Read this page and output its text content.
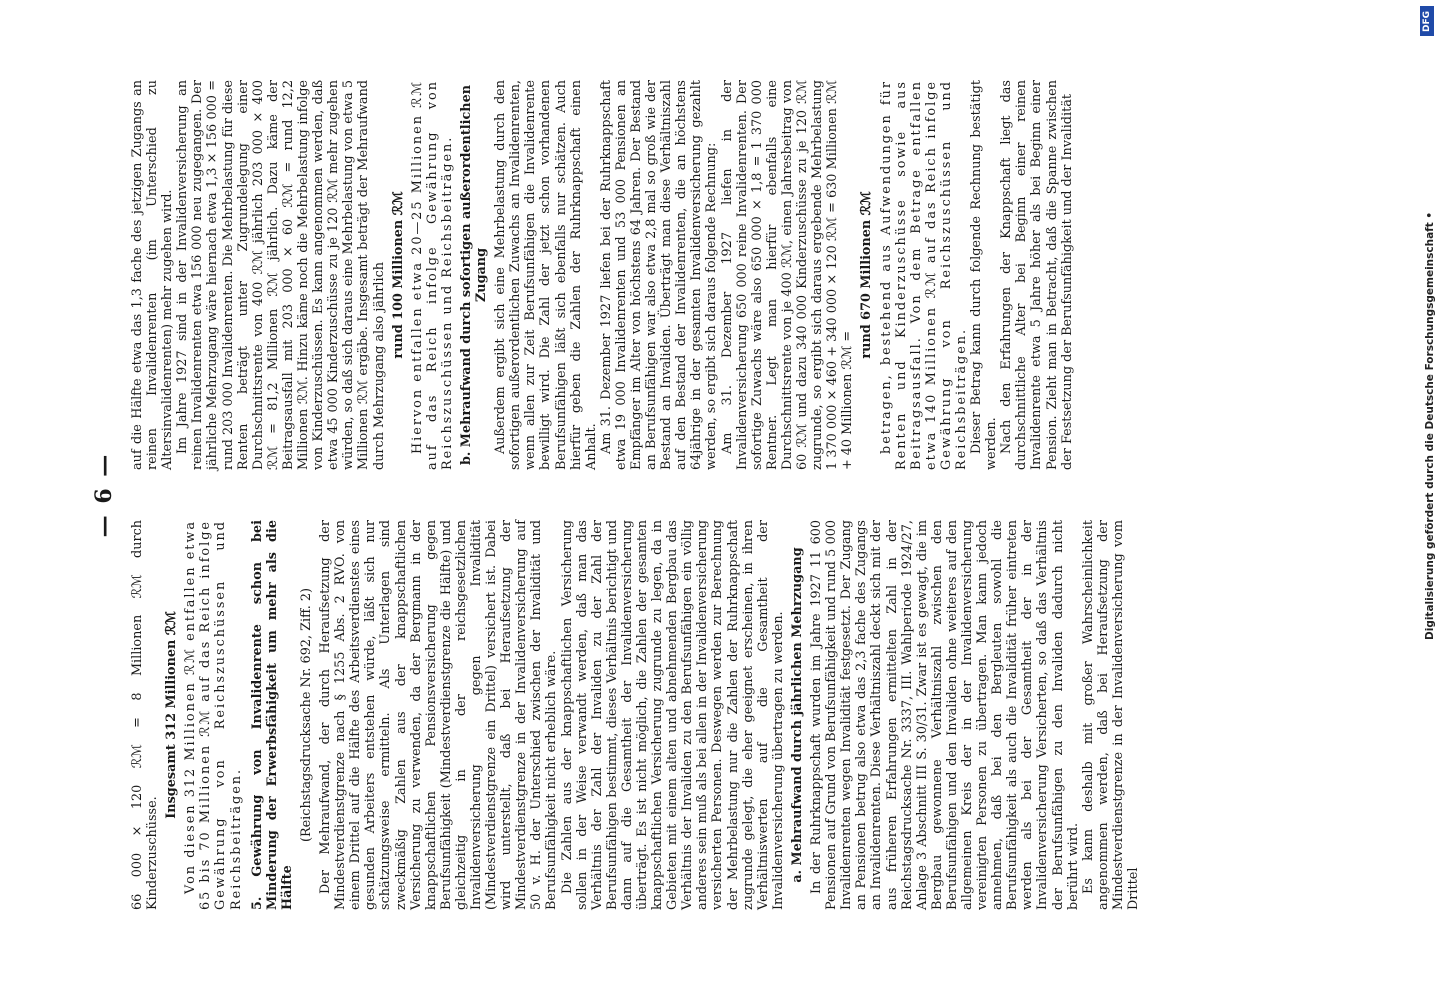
— 6 —

66 000 × 120 ℛℳ = 8 Millionen ℛℳ durch Kinderzuschüsse.

Insgesamt 312 Millionen ℛℳ Von diesen 312 Millionen ℛℳ entfallen etwa 65 bis 70 Millionen ℛℳ auf das Reich infolge Gewährung von Reichszuschüssen und Reichsbeiträgen. 5. Gewährung von Invalidenrente schon bei Minderung der Erwerbsfähigkeit um mehr als die Hälfte

(Reichstagsdrucksache Nr. 692, Ziff. 2) Der Mehraufwand, der durch Heraufsetzung der Mindestverdienstgrenze nach § 1255 Abs. 2 RVO. von einem Drittel auf die Hälfte des Arbeitsverdienstes eines gesunden Arbeiters entstehen würde, läßt sich nur schätzungsweise ermitteln. Als Unterlagen sind zweckmäßig Zahlen aus der knappschaftlichen Versicherung zu verwenden, da der Bergmann in der knappschaftlichen Pensionsversicherung gegen Berufsunfähigkeit (Mindestverdienstgrenze die Hälfte) und gleichzeitig in der reichsgesetzlichen Invalidenversicherung gegen Invalidität (Mindestverdienstgrenze ein Drittel) versichert ist. Dabei wird unterstellt, daß bei Heraufsetzung der Mindestverdienstgrenze in der Invalidenversicherung auf 50 v. H. der Unterschied zwischen der Invalidität und Berufsunfähigkeit nicht erheblich wäre. Die Zahlen aus der knappschaftlichen Versicherung sollen in der Weise verwandt werden, daß man das Verhältnis der Zahl der Invaliden zu der Zahl der Berufsunfähigen bestimmt, dieses Verhältnis berichtigt und dann auf die Gesamtheit der Invalidenversicherung überträgt. Es ist nicht möglich, die Zahlen der gesamten knappschaftlichen Versicherung zugrunde zu legen, da in Gebieten mit einem alten und abnehmenden Bergbau das Verhältnis der Invaliden zu den Berufsunfähigen ein völlig anderes sein muß als bei allen in der Invalidenversicherung versicherten Personen. Deswegen werden zur Berechnung der Mehrbelastung nur die Zahlen der Ruhrknappschaft zugrunde gelegt, die eher geeignet erscheinen, in ihren Verhältniswerten auf die Gesamtheit der Invalidenversicherung übertragen zu werden. a. Mehraufwand durch jährlichen Mehrzugang In der Ruhrknappschaft wurden im Jahre 1927 11 600 Pensionen auf Grund von Berufsunfähigkeit und rund 5 000 Invalidenrenten wegen Invalidität festgesetzt. Der Zugang an Pensionen betrug also etwa das 2,3 fache des Zugangs an Invalidenrenten. Diese Verhältniszahl deckt sich mit der aus früheren Erfahrungen ermittelten Zahl in der Reichstagsdrucksache Nr. 3337, III. Wahlperiode 1924/27, Anlage 3 Abschnitt III S. 30/31. Zwar ist es gewagt, die im Bergbau gewonnene Verhältniszahl zwischen den Berufsunfähigen und den Invaliden ohne weiteres auf den allgemeinen Kreis der in der Invalidenversicherung vereinigten Personen zu übertragen. Man kann jedoch annehmen, daß bei den Bergleuten sowohl die Berufsunfähigkeit als auch die Invalidität früher eintreten werden als bei der Gesamtheit der in der Invalidenversicherung Versicherten, so daß das Verhältnis der Berufsunfähigen zu den Invaliden dadurch nicht berührt wird. Es kann deshalb mit großer Wahrscheinlichkeit angenommen werden, daß bei Heraufsetzung der Mindestverdienstgrenze in der Invalidenversicherung vom Drittel

auf die Hälfte etwa das 1,3 fache des jetzigen Zugangs an reinen Invalidenrenten (im Unterschied zu Altersinvalidenrenten) mehr zugehen wird. Im Jahre 1927 sind in der Invalidenversicherung an reinen Invalidenrenten etwa 156 000 neu zugegangen. Der jährliche Mehrzugang wäre hiernach etwa 1,3 × 156 000 = rund 203 000 Invalidenrenten. Die Mehrbelastung für diese Renten beträgt unter Zugrundelegung einer Durchschnittsrente von 400 ℛℳ jährlich 203 000 × 400 ℛℳ = 81,2 Millionen ℛℳ jährlich. Dazu käme der Beitragsausfall mit 203 000 × 60 ℛℳ = rund 12,2 Millionen ℛℳ. Hinzu käme noch die Mehrbelastung infolge von Kinderzuschüssen. Es kann angenommen werden, daß etwa 45 000 Kinderzuschüsse zu je 120 ℛℳ mehr zugehen würden, so daß sich daraus eine Mehrbelastung von etwa 5 Millionen ℛℳ ergäbe. Insgesamt beträgt der Mehraufwand durch Mehrzugang also jährlich rund 100 Millionen ℛℳ Hiervon entfallen etwa 20—25 Millionen ℛℳ auf das Reich infolge Gewährung von Reichszuschüssen und Reichsbeiträgen. b. Mehraufwand durch sofortigen außerordentlichen Zugang Außerdem ergibt sich eine Mehrbelastung durch den sofortigen außerordentlichen Zuwachs an Invalidenrenten, wenn allen zur Zeit Berufsunfähigen die Invalidenrente bewilligt wird. Die Zahl der jetzt schon vorhandenen Berufsunfähigen läßt sich ebenfalls nur schätzen. Auch hierfür geben die Zahlen der Ruhrknappschaft einen Anhalt. Am 31. Dezember 1927 liefen bei der Ruhrknappschaft etwa 19 000 Invalidenrenten und 53 000 Pensionen an Empfänger im Alter von höchstens 64 Jahren. Der Bestand an Berufsunfähigen war also etwa 2,8 mal so groß wie der Bestand an Invaliden. Überträgt man diese Verhältniszahl auf den Bestand der Invalidenrenten, die an höchstens 64jährige in der gesamten Invalidenversicherung gezahlt werden, so ergibt sich daraus folgende Rechnung: Am 31. Dezember 1927 liefen in der Invalidenversicherung 650 000 reine Invalidenrenten. Der sofortige Zuwachs wäre also 650 000 × 1,8 = 1 370 000 Rentner. Legt man hierfür ebenfalls eine Durchschnittsrente von je 400 ℛℳ, einen Jahresbeitrag von 60 ℛℳ und dazu 340 000 Kinderzuschüsse zu je 120 ℛℳ zugrunde, so ergibt sich daraus ergebende Mehrbelastung 1 370 000 × 460 + 340 000 × 120 ℛℳ = 630 Millionen ℛℳ + 40 Millionen ℛℳ =

rund 670 Millionen ℛℳ betragen, bestehend aus Aufwendungen für Renten und Kinderzuschüsse sowie aus Beitragsausfall. Von dem Betrage entfallen etwa 140 Millionen ℛℳ auf das Reich infolge Gewährung von Reichszuschüssen und Reichsbeiträgen. Dieser Betrag kann durch folgende Rechnung bestätigt werden. Nach den Erfahrungen der Knappschaft liegt das durchschnittliche Alter bei Beginn einer reinen Invalidenrente etwa 5 Jahre höher als bei Beginn einer Pension. Zieht man in Betracht, daß die Spanne zwischen der Festsetzung der Berufsunfähigkeit und der Invalidität

DFG
Digitalisierung gefördert durch die Deutsche Forschungsgemeinschaft •
